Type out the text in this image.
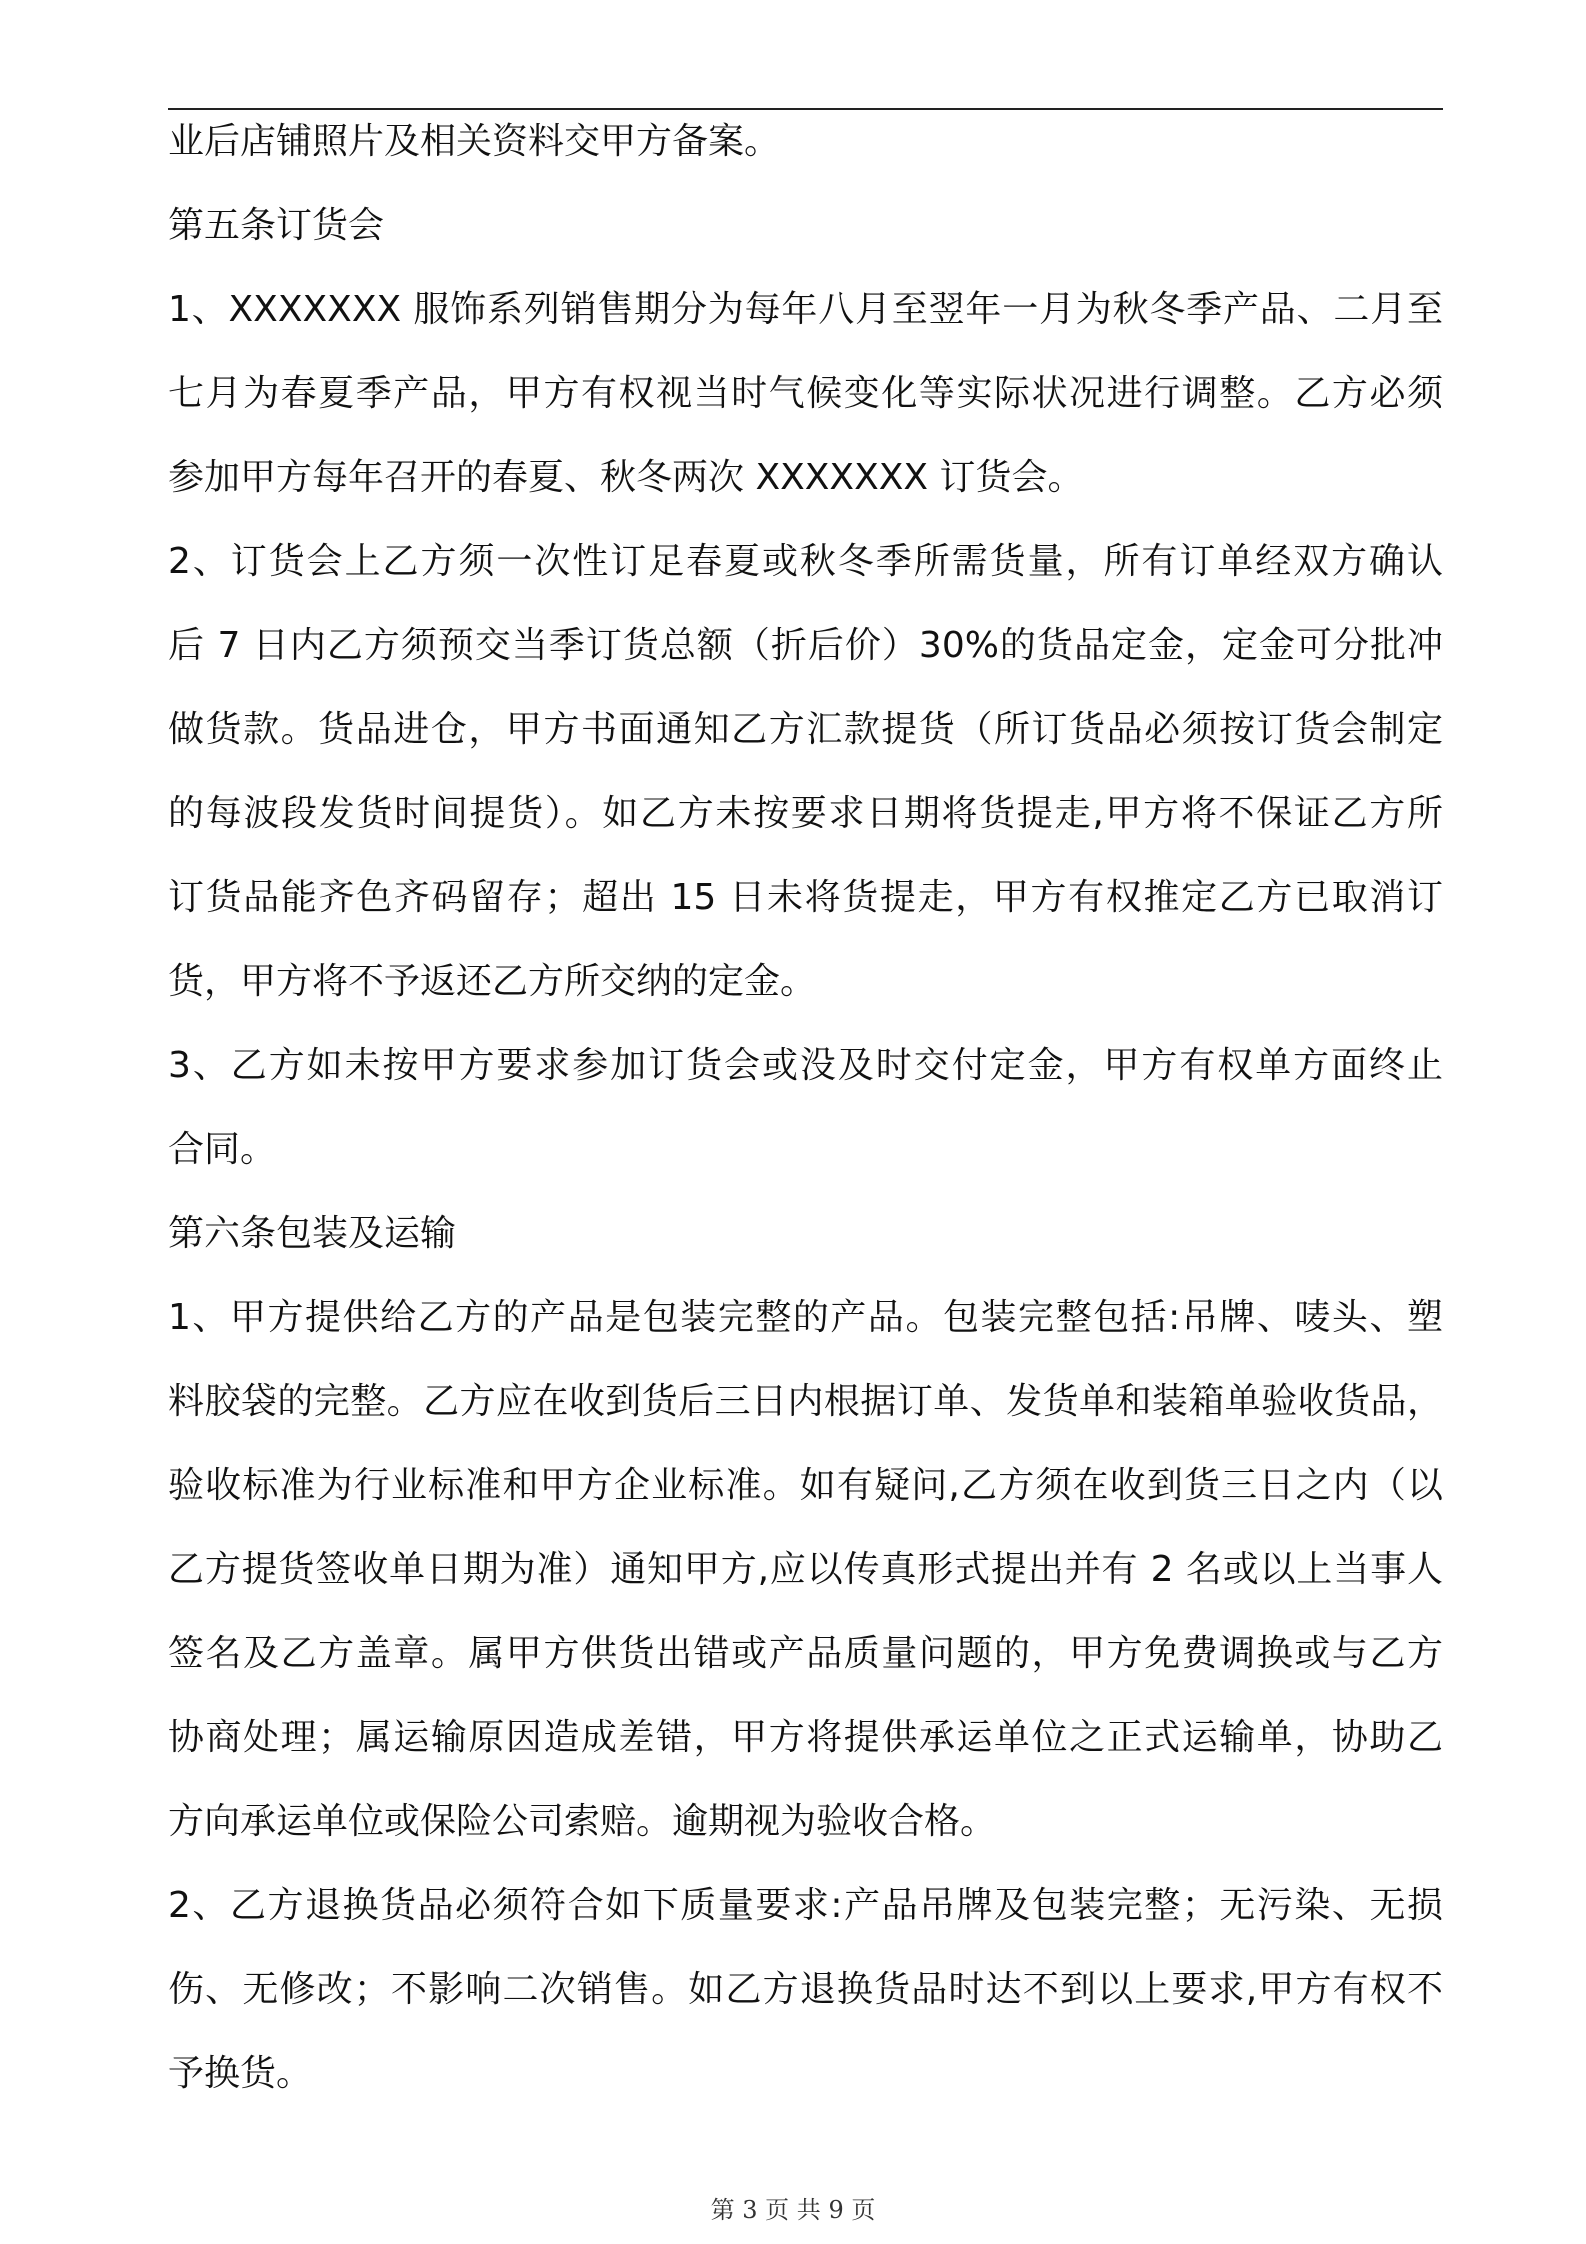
业后店铺照片及相关资料交甲方备案。
第五条订货会
1、XXXXXXX 服饰系列销售期分为每年八月至翌年一月为秋冬季产品、二月至
七月为春夏季产品，甲方有权视当时气候变化等实际状况进行调整。乙方必须
参加甲方每年召开的春夏、秋冬两次 XXXXXXX 订货会。
2、订货会上乙方须一次性订足春夏或秋冬季所需货量，所有订单经双方确认
后 7 日内乙方须预交当季订货总额（折后价）30%的货品定金，定金可分批冲
做货款。货品进仓，甲方书面通知乙方汇款提货（所订货品必须按订货会制定
的每波段发货时间提货）。如乙方未按要求日期将货提走,甲方将不保证乙方所
订货品能齐色齐码留存；超出 15 日未将货提走，甲方有权推定乙方已取消订
货，甲方将不予返还乙方所交纳的定金。
3、乙方如未按甲方要求参加订货会或没及时交付定金，甲方有权单方面终止
合同。
第六条包装及运输
1、甲方提供给乙方的产品是包装完整的产品。包装完整包括:吊牌、唛头、塑
料胶袋的完整。乙方应在收到货后三日内根据订单、发货单和装箱单验收货品，
验收标准为行业标准和甲方企业标准。如有疑问,乙方须在收到货三日之内（以
乙方提货签收单日期为准）通知甲方,应以传真形式提出并有 2 名或以上当事人
签名及乙方盖章。属甲方供货出错或产品质量问题的，甲方免费调换或与乙方
协商处理；属运输原因造成差错，甲方将提供承运单位之正式运输单，协助乙
方向承运单位或保险公司索赔。逾期视为验收合格。
2、乙方退换货品必须符合如下质量要求:产品吊牌及包装完整；无污染、无损
伤、无修改；不影响二次销售。如乙方退换货品时达不到以上要求,甲方有权不
予换货。
第 3 页 共 9 页
